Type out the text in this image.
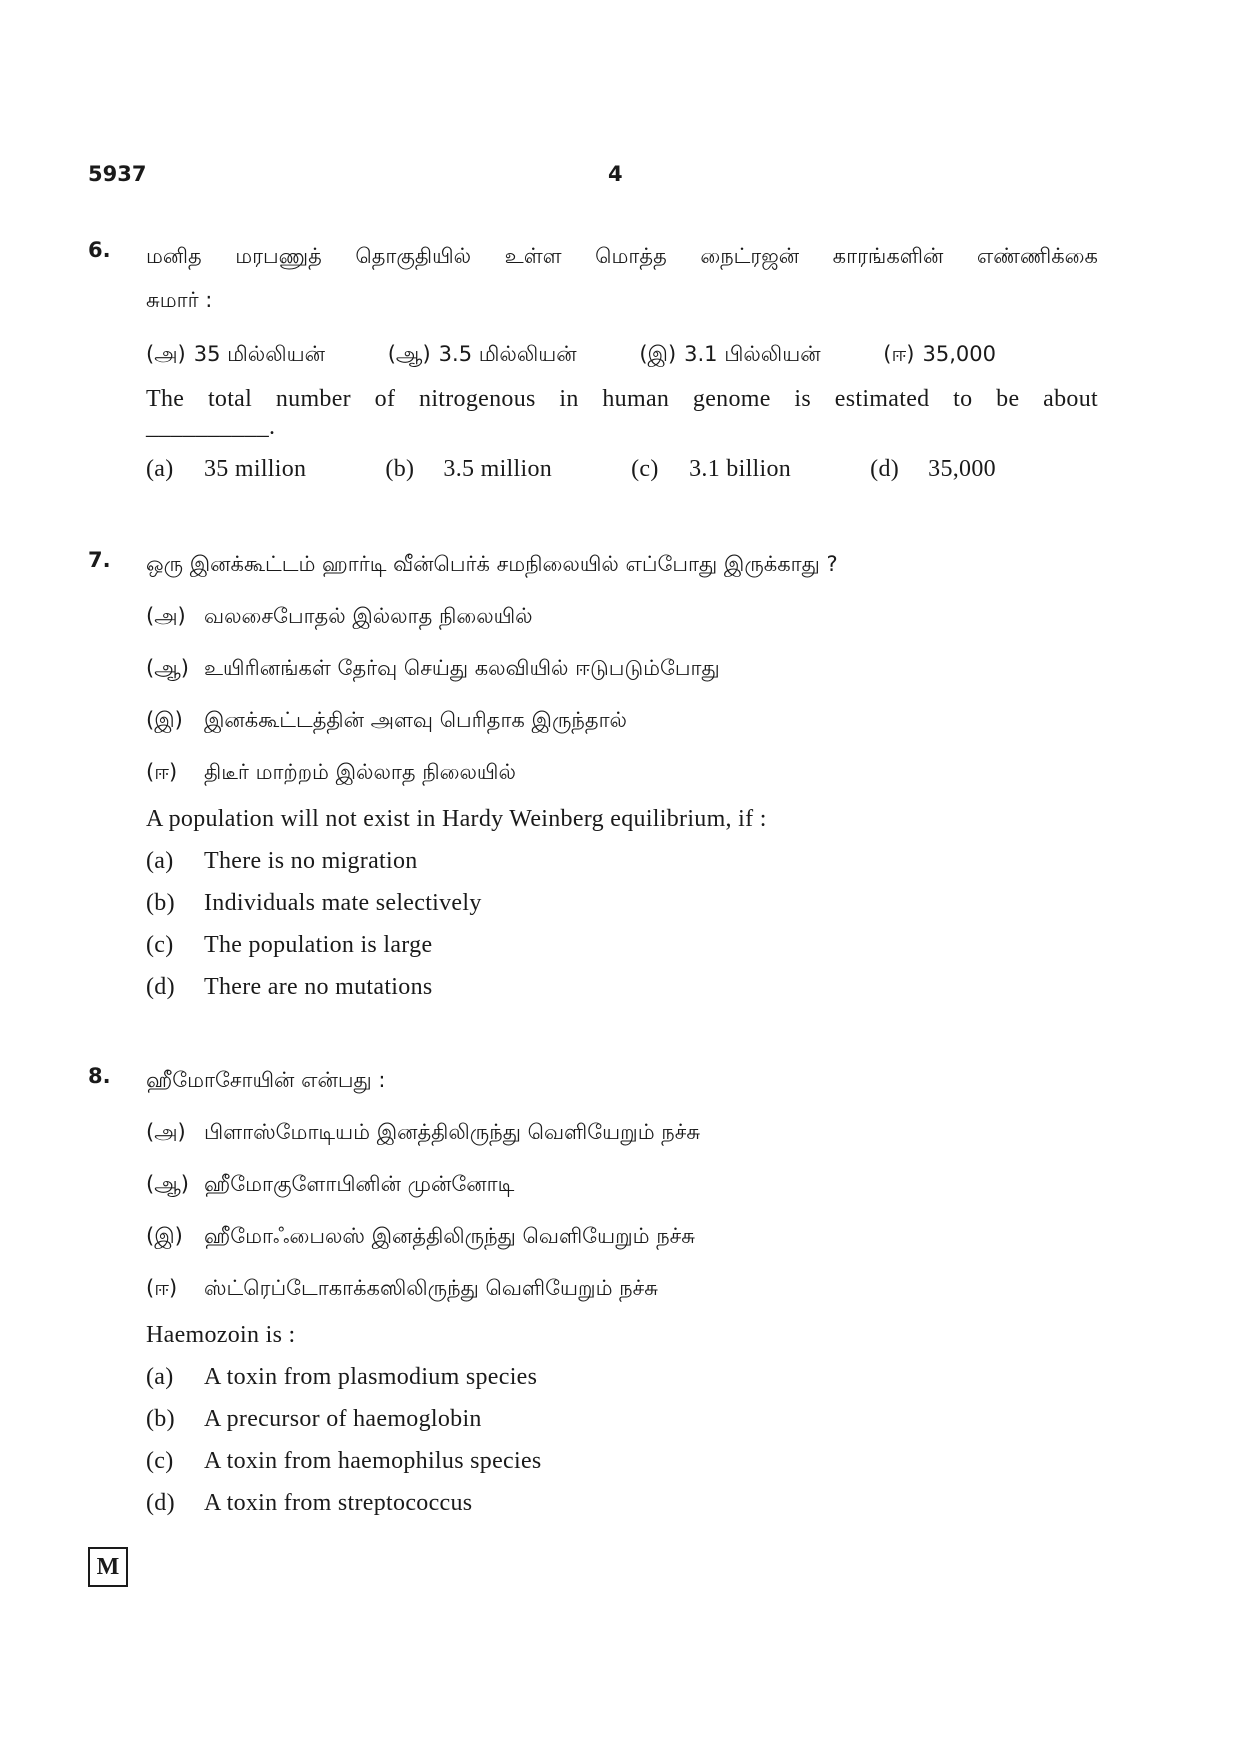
5937	4
6. மனித மரபணுத் தொகுதியில் உள்ள மொத்த நைட்ரஜன் காரங்களின் எண்ணிக்கை
சுமார் :
(அ) 35 மில்லியன்	(ஆ) 3.5 மில்லியன்	(இ) 3.1 பில்லியன்	(ஈ) 35,000
The total number of nitrogenous in human genome is estimated to be about
__________.
(a)	35 million	(b)	3.5 million	(c)	3.1 billion	(d)	35,000
7. ஒரு இனக்கூட்டம் ஹார்டி வீன்பெர்க் சமநிலையில் எப்போது இருக்காது ?
(அ) வலசைபோதல் இல்லாத நிலையில்
(ஆ) உயிரினங்கள் தேர்வு செய்து கலவியில் ஈடுபடும்போது
(இ)	இனக்கூட்டத்தின் அளவு பெரிதாக இருந்தால்
(ஈ)	திடீர் மாற்றம் இல்லாத நிலையில்
A population will not exist in Hardy Weinberg equilibrium, if :
(a)	There is no migration
(b)	Individuals mate selectively
(c)	The population is large
(d)	There are no mutations
8. ஹீமோசோயின் என்பது :
(அ) பிளாஸ்மோடியம் இனத்திலிருந்து வெளியேறும் நச்சு
(ஆ) ஹீமோகுளோபினின் முன்னோடி
(இ)	ஹீமோஃபைலஸ் இனத்திலிருந்து வெளியேறும் நச்சு
(ஈ)	ஸ்ட்ரெப்டோகாக்கஸிலிருந்து வெளியேறும் நச்சு
Haemozoin is :
(a)	A toxin from plasmodium species
(b)	A precursor of haemoglobin
(c)	A toxin from haemophilus species
(d)	A toxin from streptococcus
M
